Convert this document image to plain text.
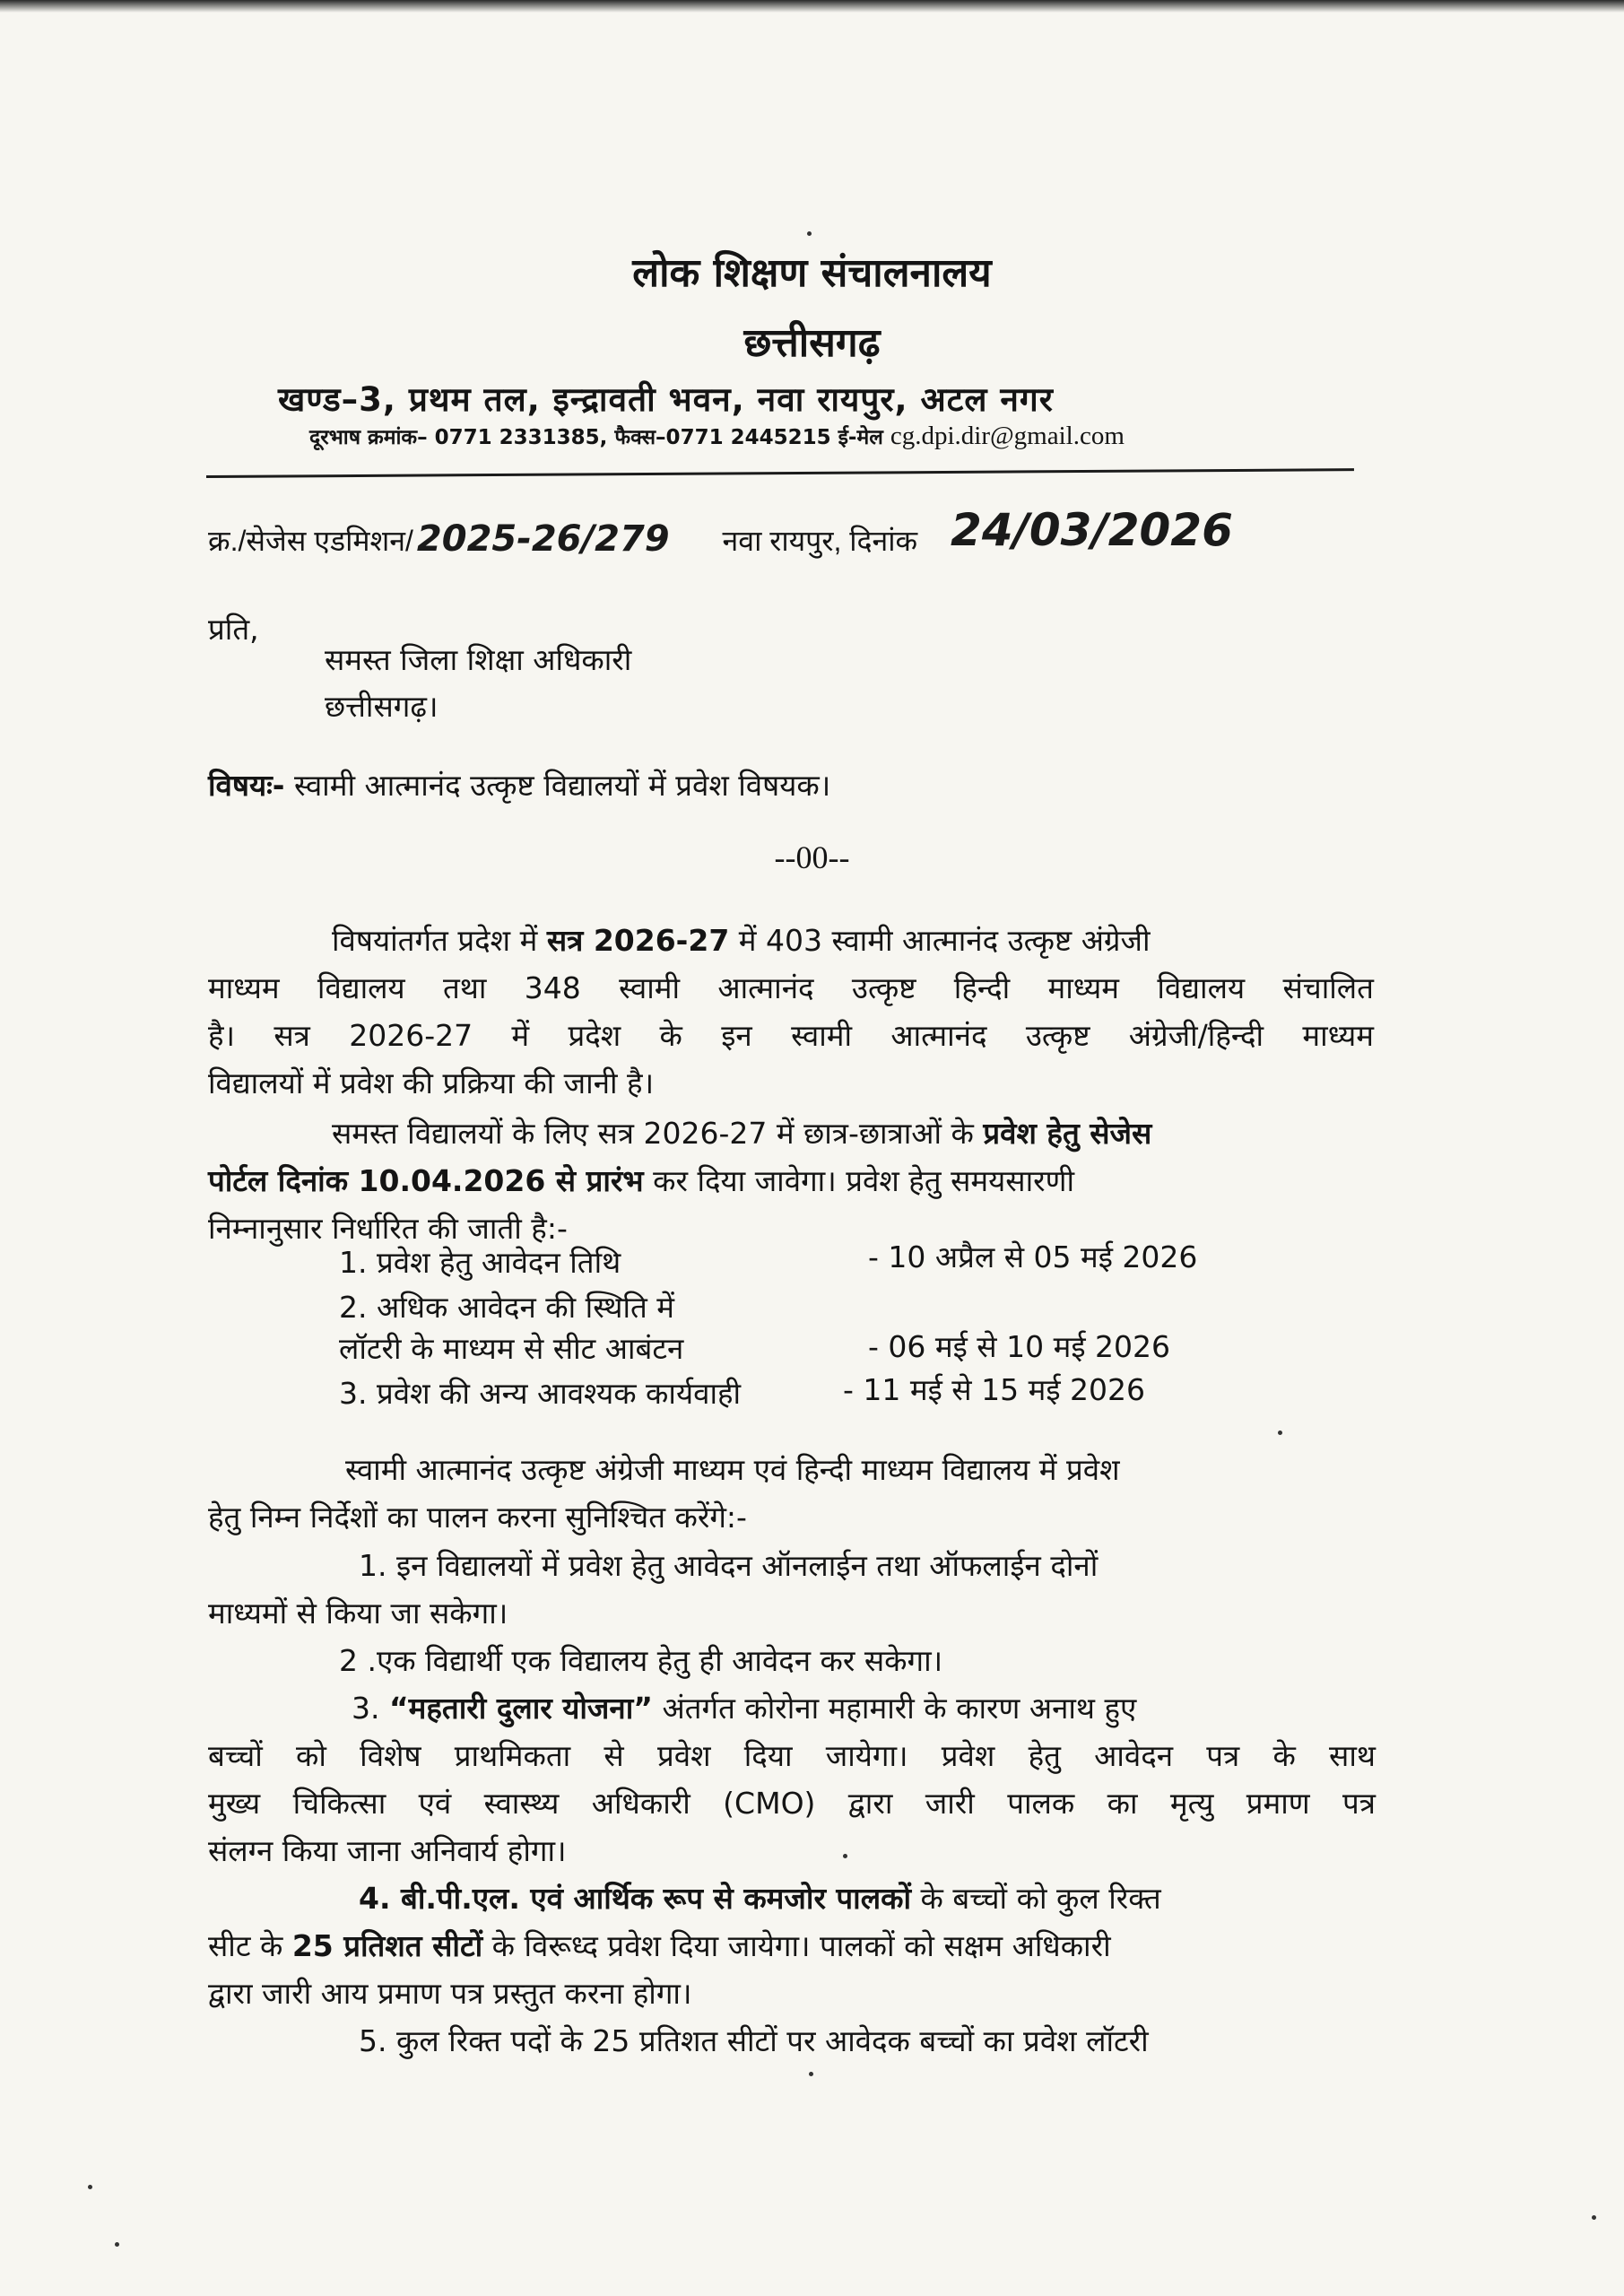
लोक शिक्षण संचालनालय
छत्तीसगढ़
खण्ड–3, प्रथम तल, इन्द्रावती भवन, नवा रायपुर, अटल नगर
दूरभाष क्रमांक– 0771 2331385, फैक्स–0771 2445215 ई-मेल cg.dpi.dir@gmail.com
क्र./सेजेस एडमिशन/ 2025-26/279 नवा रायपुर, दिनांक 24/03/2026
प्रति,
समस्त जिला शिक्षा अधिकारी
छत्तीसगढ़।
विषयः- स्वामी आत्मानंद उत्कृष्ट विद्यालयों में प्रवेश विषयक।
--00--
विषयांतर्गत प्रदेश में सत्र 2026-27 में 403 स्वामी आत्मानंद उत्कृष्ट अंग्रेजी
माध्यम विद्यालय तथा 348 स्वामी आत्मानंद उत्कृष्ट हिन्दी माध्यम विद्यालय संचालित
है। सत्र 2026-27 में प्रदेश के इन स्वामी आत्मानंद उत्कृष्ट अंग्रेजी/हिन्दी माध्यम
विद्यालयों में प्रवेश की प्रक्रिया की जानी है।
समस्त विद्यालयों के लिए सत्र 2026-27 में छात्र-छात्राओं के प्रवेश हेतु सेजेस
पोर्टल दिनांक 10.04.2026 से प्रारंभ कर दिया जावेगा। प्रवेश हेतु समयसारणी
निम्नानुसार निर्धारित की जाती है:-
1. प्रवेश हेतु आवेदन तिथि	- 10 अप्रैल से 05 मई 2026
2. अधिक आवेदन की स्थिति में
लॉटरी के माध्यम से सीट आबंटन	- 06 मई से 10 मई 2026
3. प्रवेश की अन्य आवश्यक कार्यवाही	- 11 मई से 15 मई 2026
स्वामी आत्मानंद उत्कृष्ट अंग्रेजी माध्यम एवं हिन्दी माध्यम विद्यालय में प्रवेश
हेतु निम्न निर्देशों का पालन करना सुनिश्चित करेंगे:-
1. इन विद्यालयों में प्रवेश हेतु आवेदन ऑनलाईन तथा ऑफलाईन दोनों
माध्यमों से किया जा सकेगा।
2 .एक विद्यार्थी एक विद्यालय हेतु ही आवेदन कर सकेगा।
3. “महतारी दुलार योजना” अंतर्गत कोरोना महामारी के कारण अनाथ हुए
बच्चों को विशेष प्राथमिकता से प्रवेश दिया जायेगा। प्रवेश हेतु आवेदन पत्र के साथ
मुख्य चिकित्सा एवं स्वास्थ्य अधिकारी (CMO) द्वारा जारी पालक का मृत्यु प्रमाण पत्र
संलग्न किया जाना अनिवार्य होगा।
4. बी.पी.एल. एवं आर्थिक रूप से कमजोर पालकों के बच्चों को कुल रिक्त
सीट के 25 प्रतिशत सीटों के विरूध्द प्रवेश दिया जायेगा। पालकों को सक्षम अधिकारी
द्वारा जारी आय प्रमाण पत्र प्रस्तुत करना होगा।
5. कुल रिक्त पदों के 25 प्रतिशत सीटों पर आवेदक बच्चों का प्रवेश लॉटरी
